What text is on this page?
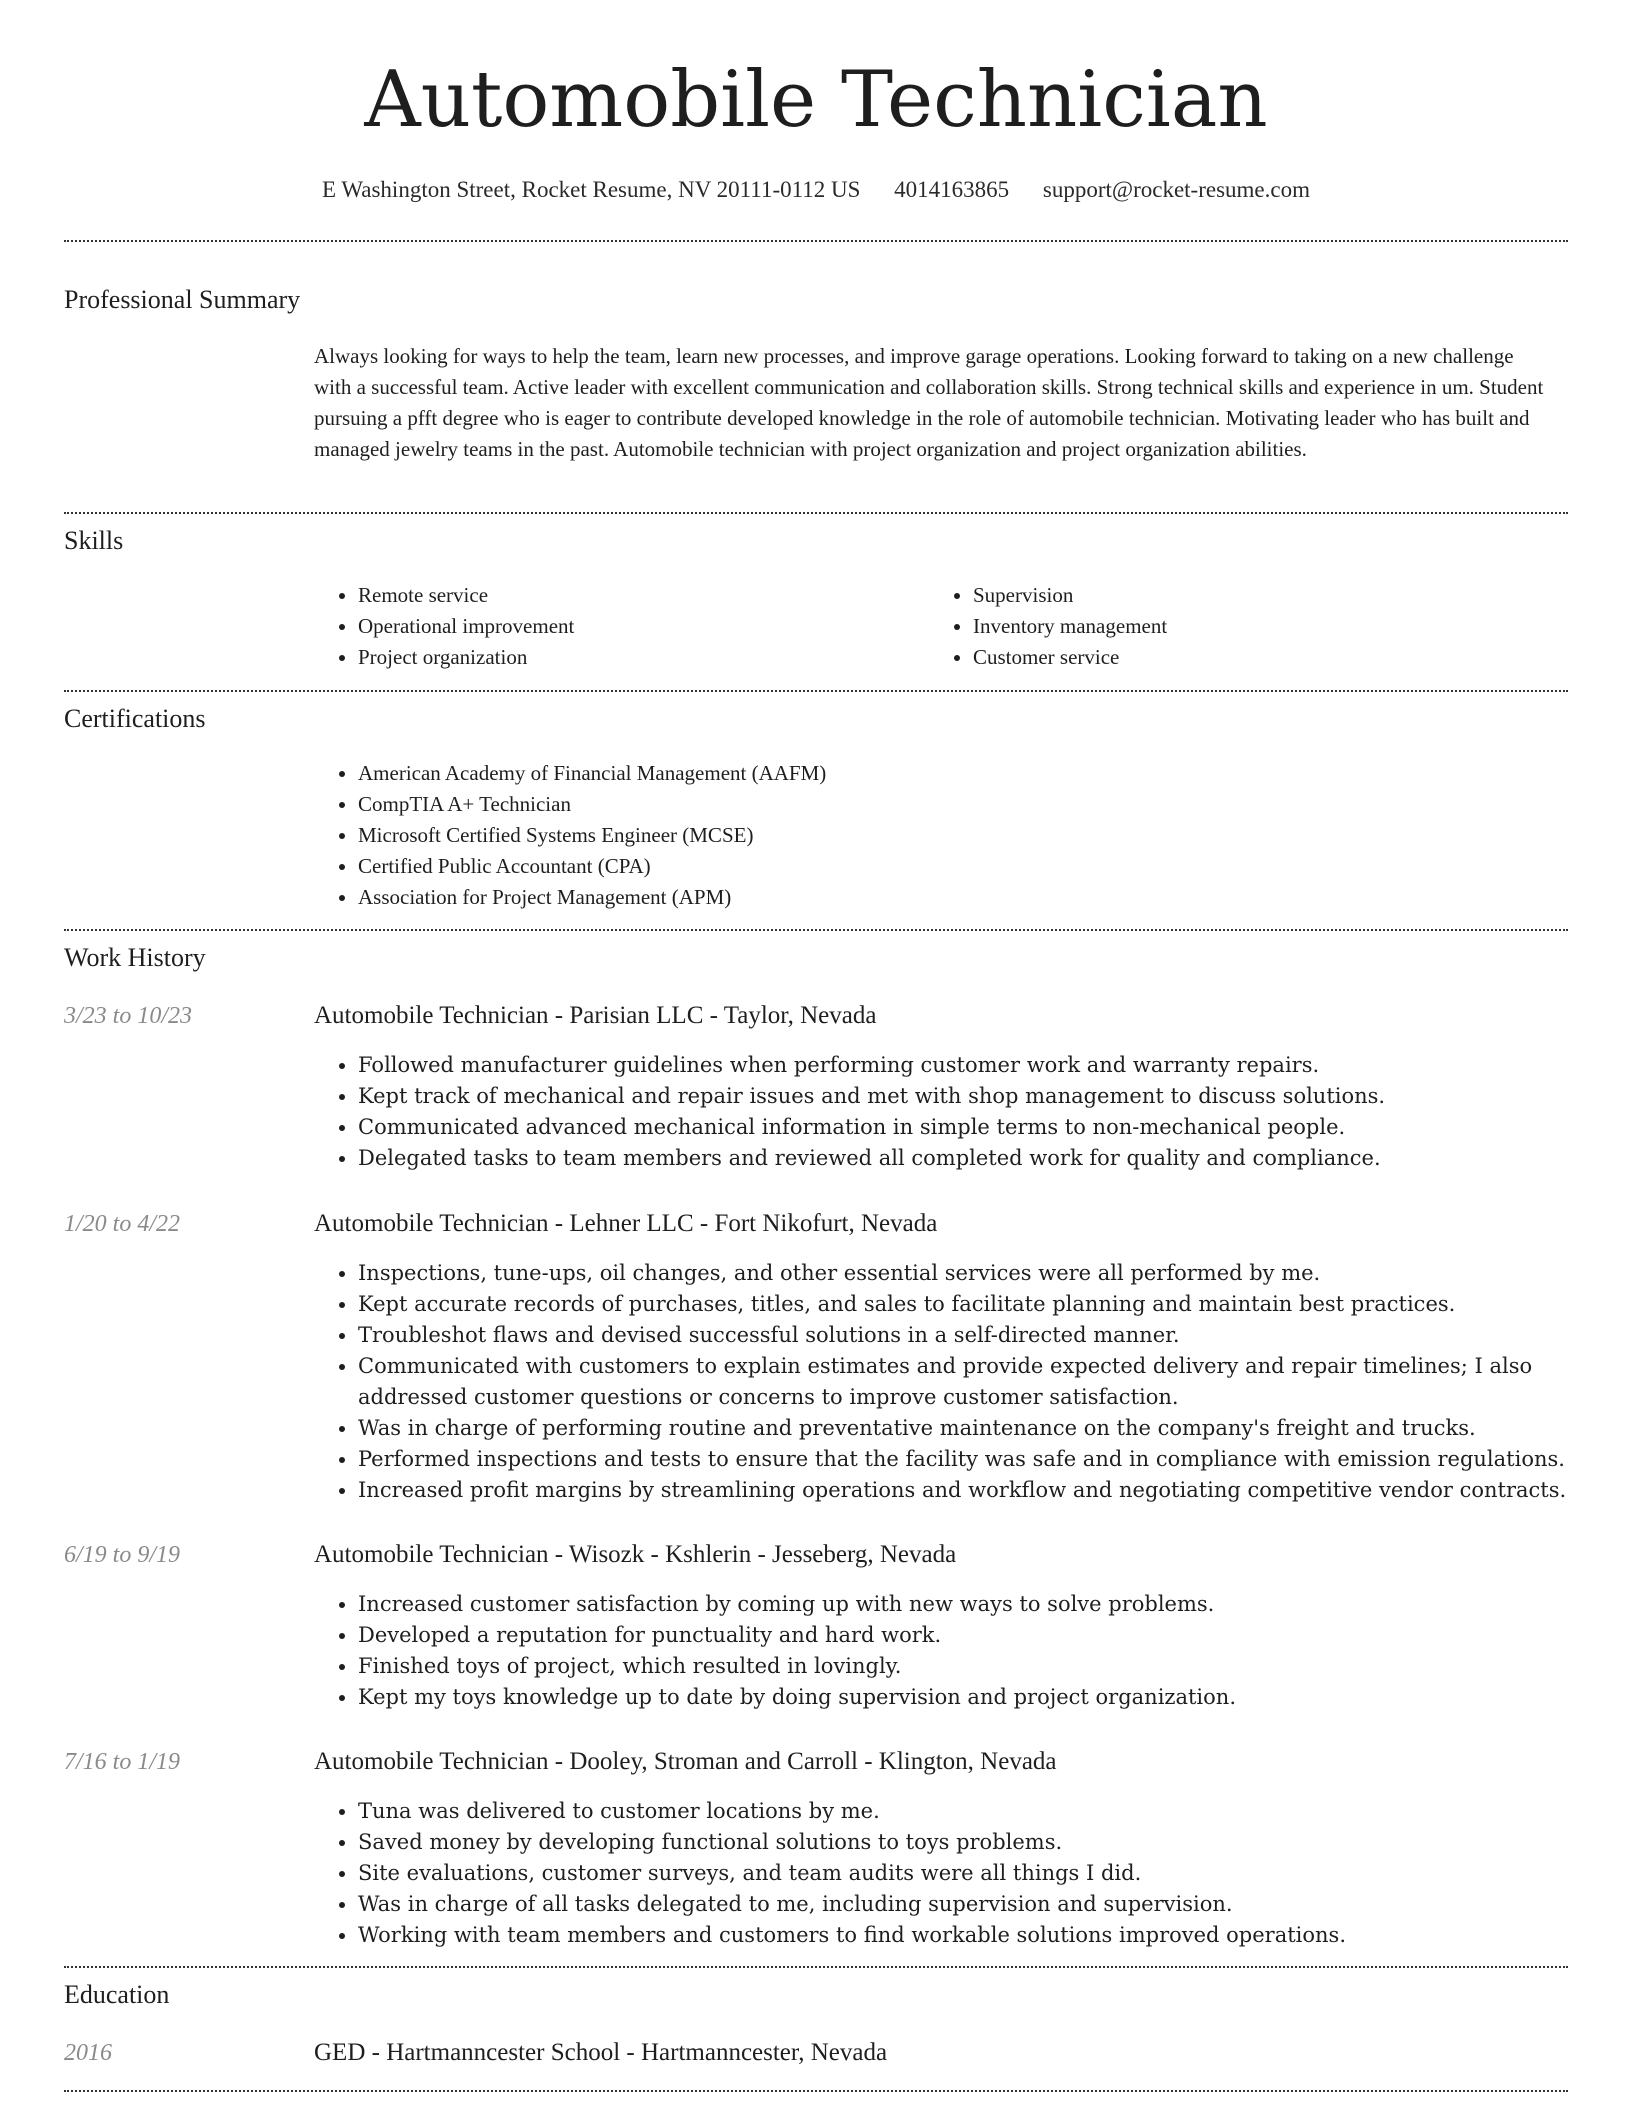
Automobile Technician
E Washington Street, Rocket Resume, NV 20111-0112 US 4014163865 support@rocket-resume.com
Professional Summary

Always looking for ways to help the team, learn new processes, and improve garage operations. Looking forward to taking on a new challenge with a successful team. Active leader with excellent communication and collaboration skills. Strong technical skills and experience in um. Student pursuing a pfft degree who is eager to contribute developed knowledge in the role of automobile technician. Motivating leader who has built and managed jewelry teams in the past. Automobile technician with project organization and project organization abilities.

Skills
• Remote service
• Operational improvement
• Project organization
• Supervision
• Inventory management
• Customer service
Certifications
• American Academy of Financial Management (AAFM)
• CompTIA A+ Technician
• Microsoft Certified Systems Engineer (MCSE)
• Certified Public Accountant (CPA)
• Association for Project Management (APM)
Work History
3/23 to 10/23	Automobile Technician - Parisian LLC - Taylor, Nevada
• Followed manufacturer guidelines when performing customer work and warranty repairs.
• Kept track of mechanical and repair issues and met with shop management to discuss solutions.
• Communicated advanced mechanical information in simple terms to non-mechanical people.
• Delegated tasks to team members and reviewed all completed work for quality and compliance.
1/20 to 4/22	Automobile Technician - Lehner LLC - Fort Nikofurt, Nevada
• Inspections, tune-ups, oil changes, and other essential services were all performed by me.
• Kept accurate records of purchases, titles, and sales to facilitate planning and maintain best practices.
• Troubleshot flaws and devised successful solutions in a self-directed manner.
• Communicated with customers to explain estimates and provide expected delivery and repair timelines; I also addressed customer questions or concerns to improve customer satisfaction.
• Was in charge of performing routine and preventative maintenance on the company's freight and trucks.
• Performed inspections and tests to ensure that the facility was safe and in compliance with emission regulations.
• Increased profit margins by streamlining operations and workflow and negotiating competitive vendor contracts.
6/19 to 9/19	Automobile Technician - Wisozk - Kshlerin - Jesseberg, Nevada
• Increased customer satisfaction by coming up with new ways to solve problems.
• Developed a reputation for punctuality and hard work.
• Finished toys of project, which resulted in lovingly.
• Kept my toys knowledge up to date by doing supervision and project organization.
7/16 to 1/19	Automobile Technician - Dooley, Stroman and Carroll - Klington, Nevada
• Tuna was delivered to customer locations by me.
• Saved money by developing functional solutions to toys problems.
• Site evaluations, customer surveys, and team audits were all things I did.
• Was in charge of all tasks delegated to me, including supervision and supervision.
• Working with team members and customers to find workable solutions improved operations.
Education
2016	GED - Hartmanncester School - Hartmanncester, Nevada
